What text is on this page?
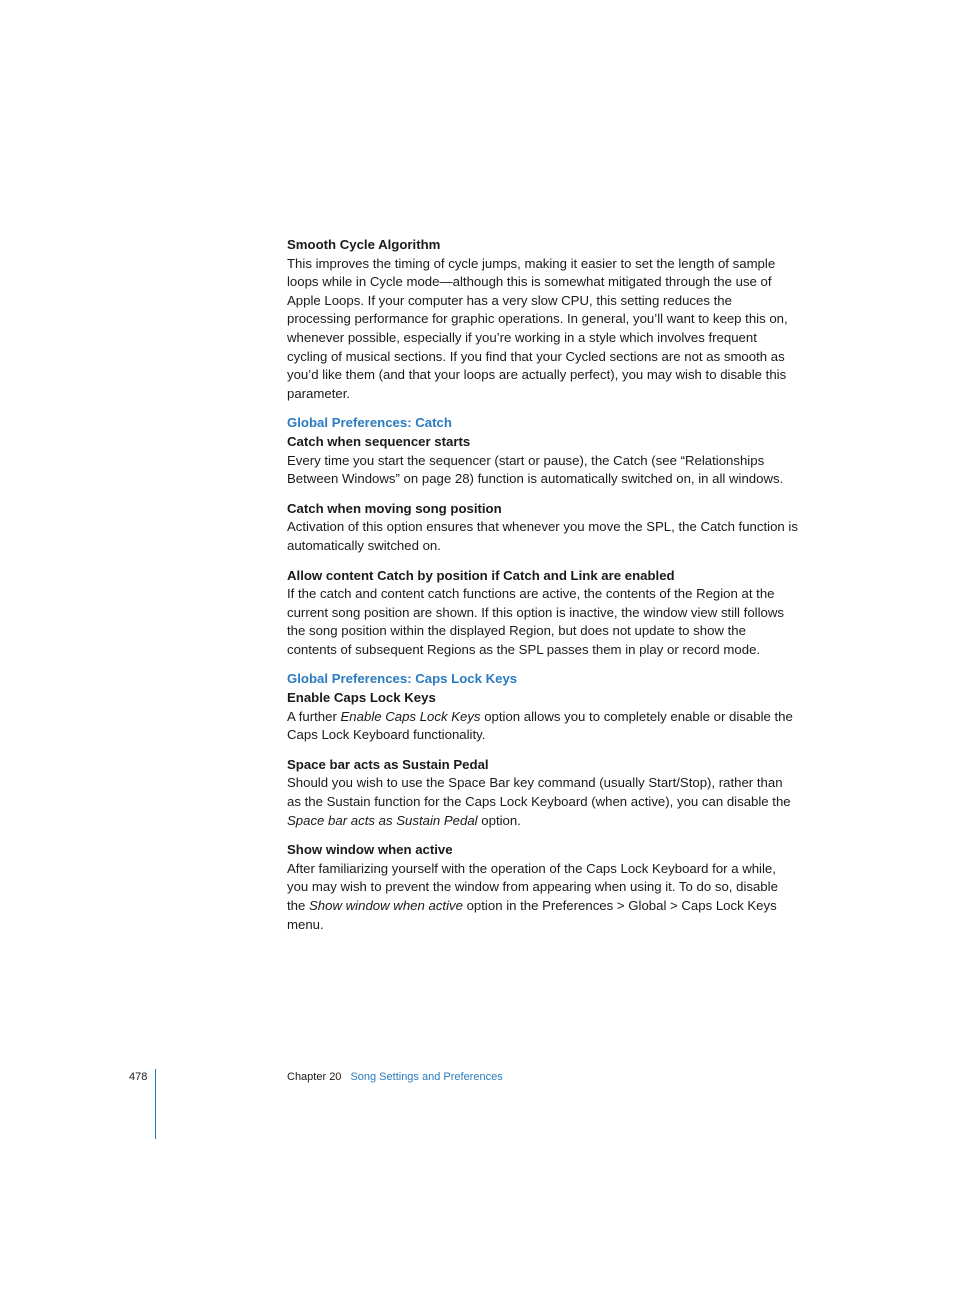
Smooth Cycle Algorithm

This improves the timing of cycle jumps, making it easier to set the length of sample loops while in Cycle mode—although this is somewhat mitigated through the use of Apple Loops. If your computer has a very slow CPU, this setting reduces the processing performance for graphic operations. In general, you’ll want to keep this on, whenever possible, especially if you’re working in a style which involves frequent cycling of musical sections. If you find that your Cycled sections are not as smooth as you’d like them (and that your loops are actually perfect), you may wish to disable this parameter.

Global Preferences: Catch

Catch when sequencer starts

Every time you start the sequencer (start or pause), the Catch (see “Relationships Between Windows” on page 28) function is automatically switched on, in all windows.

Catch when moving song position

Activation of this option ensures that whenever you move the SPL, the Catch function is automatically switched on.

Allow content Catch by position if Catch and Link are enabled

If the catch and content catch functions are active, the contents of the Region at the current song position are shown. If this option is inactive, the window view still follows the song position within the displayed Region, but does not update to show the contents of subsequent Regions as the SPL passes them in play or record mode.

Global Preferences: Caps Lock Keys

Enable Caps Lock Keys

A further Enable Caps Lock Keys option allows you to completely enable or disable the Caps Lock Keyboard functionality.

Space bar acts as Sustain Pedal

Should you wish to use the Space Bar key command (usually Start/Stop), rather than as the Sustain function for the Caps Lock Keyboard (when active), you can disable the Space bar acts as Sustain Pedal option.

Show window when active

After familiarizing yourself with the operation of the Caps Lock Keyboard for a while, you may wish to prevent the window from appearing when using it. To do so, disable the Show window when active option in the Preferences > Global > Caps Lock Keys menu.

478	Chapter 20 Song Settings and Preferences
